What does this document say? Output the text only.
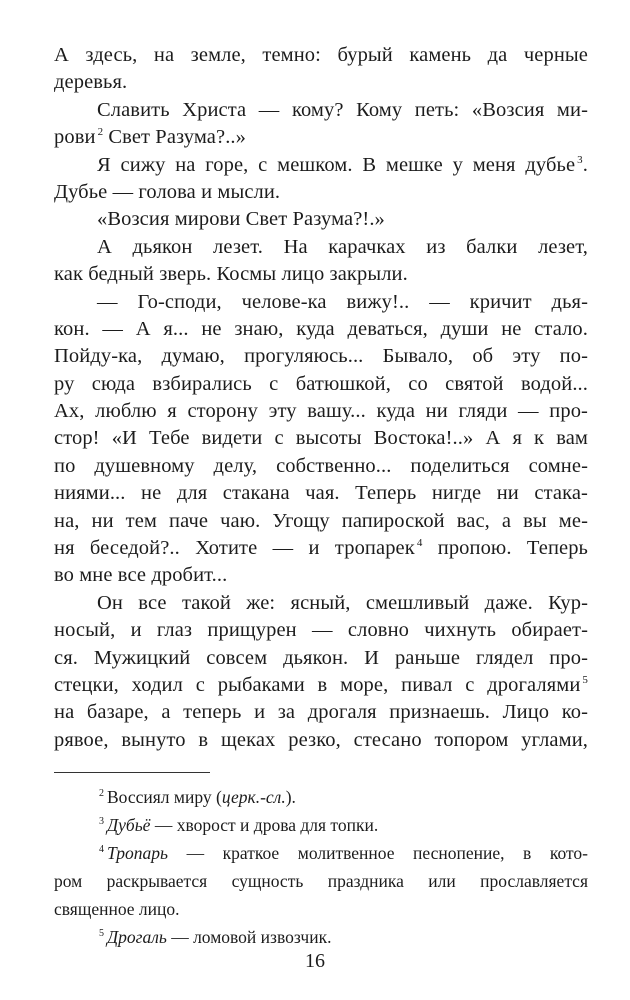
А здесь, на земле, темно: бурый камень да черные
деревья.
Славить Христа — кому? Кому петь: «Возсия ми-
рови $^2$ Свет Разума?..»
Я сижу на горе, с мешком. В мешке у меня дубье $^3$.
Дубье — голова и мысли.
«Возсия мирови Свет Разума?!.»
А дьякон лезет. На карачках из балки лезет,
как бедный зверь. Космы лицо закрыли.
— Го-споди, челове-ка вижу!.. — кричит дья-
кон. — А я... не знаю, куда деваться, души не стало.
Пойду-ка, думаю, прогуляюсь... Бывало, об эту по-
ру сюда взбирались с батюшкой, со святой водой...
Ах, люблю я сторону эту вашу... куда ни гляди — про-
стор! «И Тебе видети с высоты Востока!..» А я к вам
по душевному делу, собственно... поделиться сомне-
ниями... не для стакана чая. Теперь нигде ни стака-
на, ни тем паче чаю. Угощу папироской вас, а вы ме-
ня беседой?.. Хотите — и тропарек $^4$ пропою. Теперь
во мне все дробит...
Он все такой же: ясный, смешливый даже. Кур-
носый, и глаз прищурен — словно чихнуть обирает-
ся. Мужицкий совсем дьякон. И раньше глядел про-
стецки, ходил с рыбаками в море, пивал с дрогалями $^5$
на базаре, а теперь и за дрогаля признаешь. Лицо ко-
рявое, вынуто в щеках резко, стесано топором углами,
$^2$ Воссиял миру (церк.-сл.).
$^3$ Дубьё — хворост и дрова для топки.
$^4$ Тропарь — краткое молитвенное песнопение, в кото-
ром раскрывается сущность праздника или прославляется
священное лицо.
$^5$ Дрогаль — ломовой извозчик.
16
